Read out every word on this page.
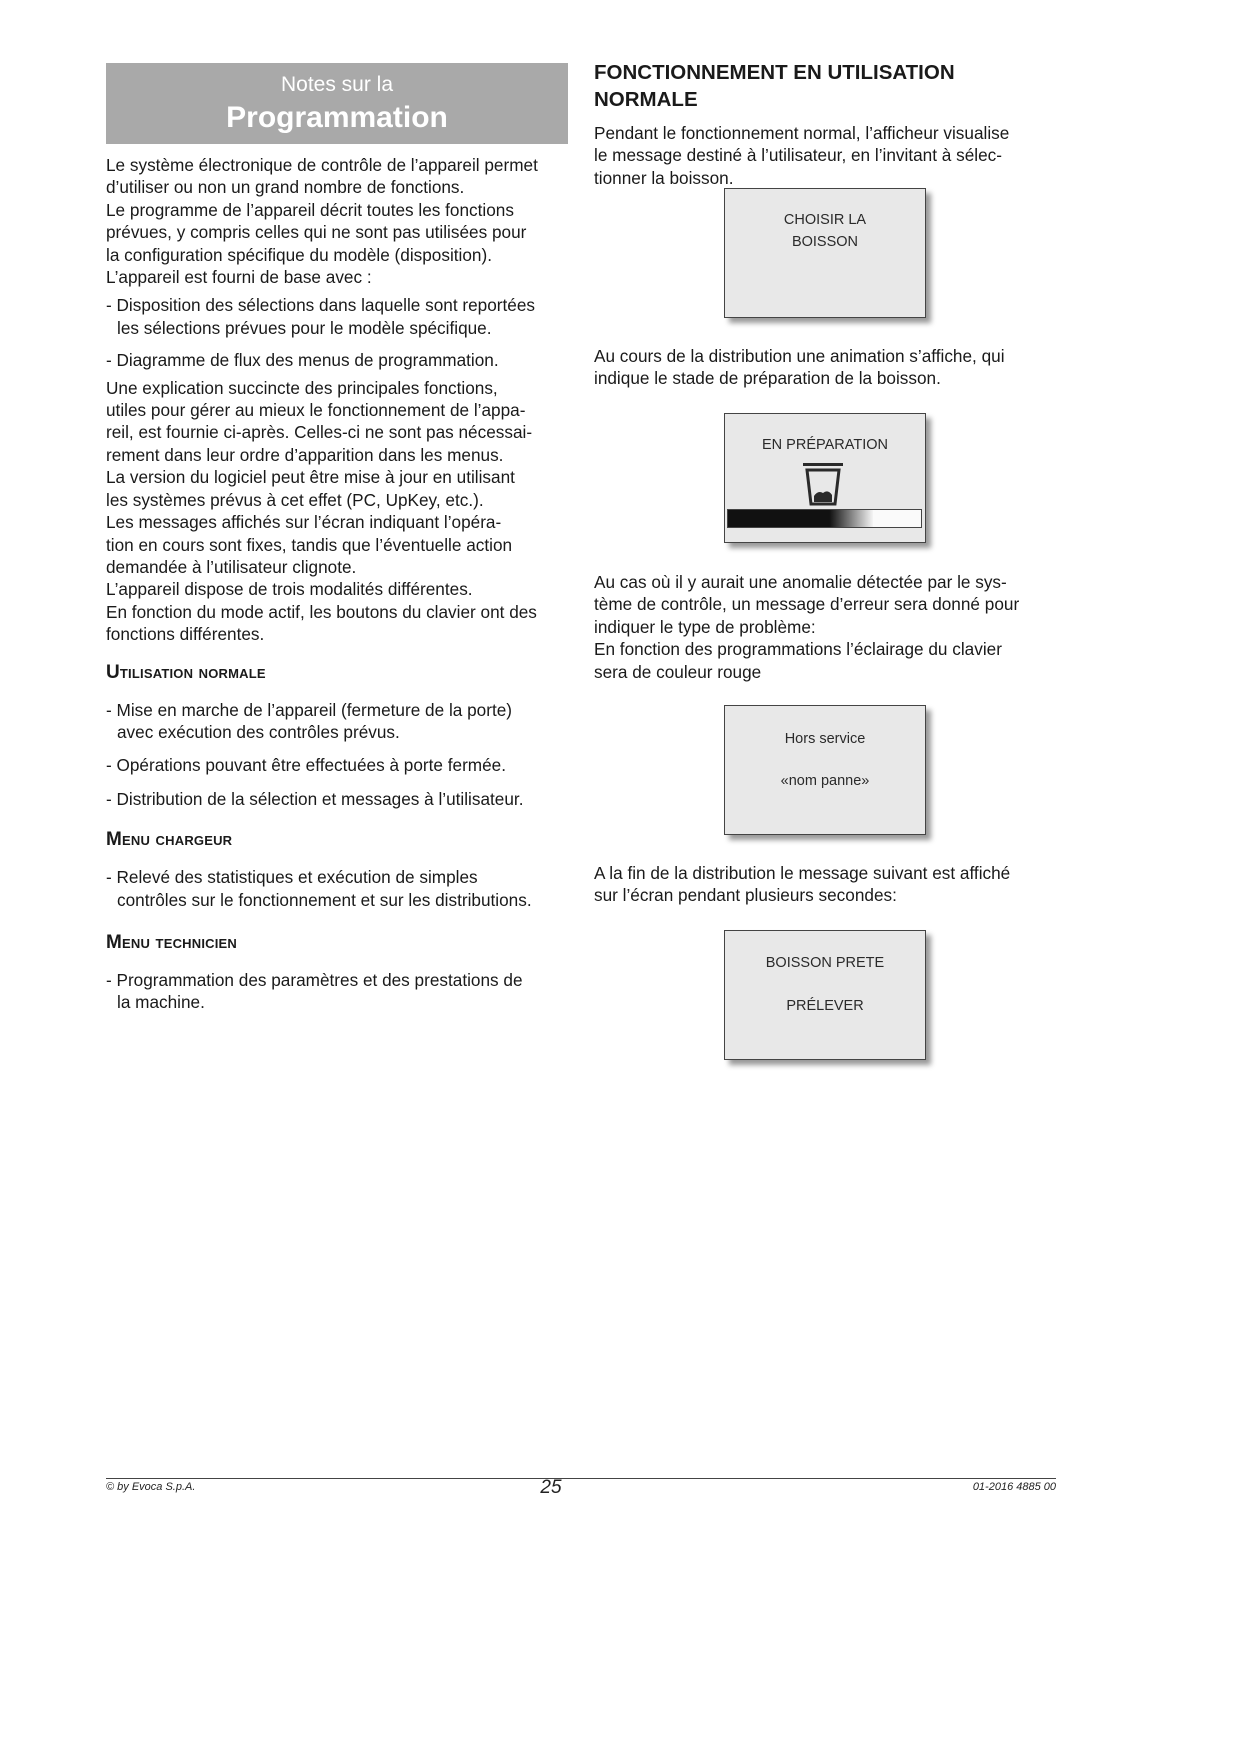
Notes sur la
Programmation

Le système électronique de contrôle de l’appareil permet

d’utiliser ou non un grand nombre de fonctions.

Le programme de l’appareil décrit toutes les fonctions

prévues, y compris celles qui ne sont pas utilisées pour

la configuration spécifique du modèle (disposition).

L’appareil est fourni de base avec :

- Disposition des sélections dans laquelle sont reportées
les sélections prévues pour le modèle spécifique.
- Diagramme de flux des menus de programmation.

Une explication succincte des principales fonctions,

utiles pour gérer au mieux le fonctionnement de l’appa-

reil, est fournie ci-après. Celles-ci ne sont pas nécessai-

rement dans leur ordre d’apparition dans les menus.

La version du logiciel peut être mise à jour en utilisant

les systèmes prévus à cet effet (PC, UpKey, etc.).

Les messages affichés sur l’écran indiquant l’opéra-

tion en cours sont fixes, tandis que l’éventuelle action

demandée à l’utilisateur clignote.

L’appareil dispose de trois modalités différentes.

En fonction du mode actif, les boutons du clavier ont des

fonctions différentes.

Utilisation normale

- Mise en marche de l’appareil (fermeture de la porte)
avec exécution des contrôles prévus.
- Opérations pouvant être effectuées à porte fermée.
- Distribution de la sélection et messages à l’utilisateur.

Menu chargeur

- Relevé des statistiques et exécution de simples
contrôles sur le fonctionnement et sur les distributions.

Menu technicien

- Programmation des paramètres et des prestations de
la machine.

FONCTIONNEMENT EN UTILISATION
NORMALE

Pendant le fonctionnement normal, l’afficheur visualise

le message destiné à l’utilisateur, en l’invitant à sélec-

tionner la boisson.

Au cours de la distribution une animation s’affiche, qui

indique le stade de préparation de la boisson.

Au cas où il y aurait une anomalie détectée par le sys-

tème de contrôle, un message d’erreur sera donné pour

indiquer le type de problème:

En fonction des programmations l’éclairage du clavier

sera de couleur rouge

A la fin de la distribution le message suivant est affiché

sur l’écran pendant plusieurs secondes:

CHOISIR LA
BOISSON
EN PRÉPARATION
Hors service
«nom panne»
BOISSON PRETE
PRÉLEVER
© by Evoca S.p.A.	25	01-2016 4885 00
